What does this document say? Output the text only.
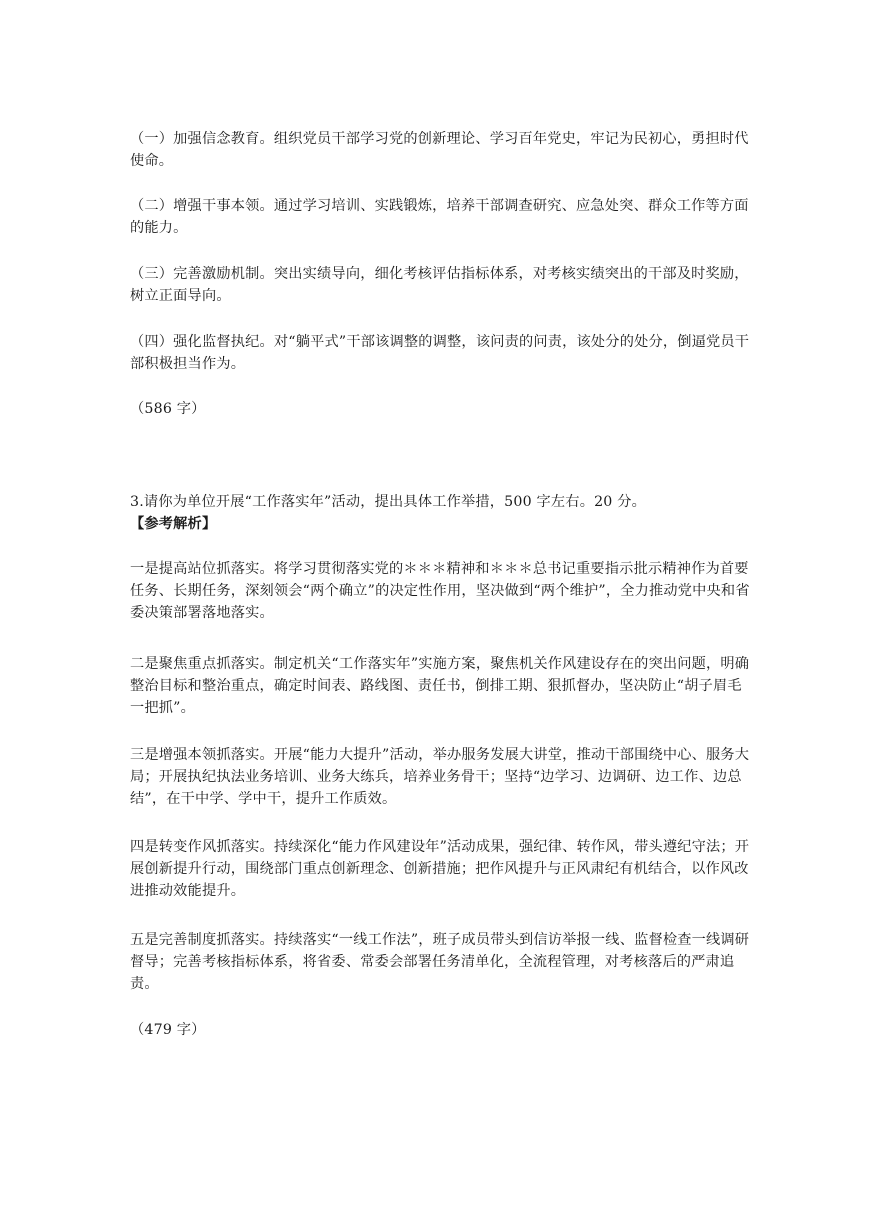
（一）加强信念教育。组织党员干部学习党的创新理论、学习百年党史，牢记为民初心，勇担时代使命。

（二）增强干事本领。通过学习培训、实践锻炼，培养干部调查研究、应急处突、群众工作等方面的能力。

（三）完善激励机制。突出实绩导向，细化考核评估指标体系，对考核实绩突出的干部及时奖励，树立正面导向。

（四）强化监督执纪。对“躺平式”干部该调整的调整，该问责的问责，该处分的处分，倒逼党员干部积极担当作为。

（586 字）

3.请你为单位开展“工作落实年”活动，提出具体工作举措，500 字左右。20 分。

【参考解析】

一是提高站位抓落实。将学习贯彻落实党的＊＊＊精神和＊＊＊总书记重要指示批示精神作为首要任务、长期任务，深刻领会“两个确立”的决定性作用，坚决做到“两个维护”，全力推动党中央和省委决策部署落地落实。

二是聚焦重点抓落实。制定机关“工作落实年”实施方案，聚焦机关作风建设存在的突出问题，明确整治目标和整治重点，确定时间表、路线图、责任书，倒排工期、狠抓督办，坚决防止“胡子眉毛一把抓”。

三是增强本领抓落实。开展“能力大提升”活动，举办服务发展大讲堂，推动干部围绕中心、服务大局；开展执纪执法业务培训、业务大练兵，培养业务骨干；坚持“边学习、边调研、边工作、边总结”，在干中学、学中干，提升工作质效。

四是转变作风抓落实。持续深化“能力作风建设年”活动成果，强纪律、转作风，带头遵纪守法；开展创新提升行动，围绕部门重点创新理念、创新措施；把作风提升与正风肃纪有机结合，以作风改进推动效能提升。

五是完善制度抓落实。持续落实“一线工作法”，班子成员带头到信访举报一线、监督检查一线调研督导；完善考核指标体系，将省委、常委会部署任务清单化，全流程管理，对考核落后的严肃追责。

（479 字）
